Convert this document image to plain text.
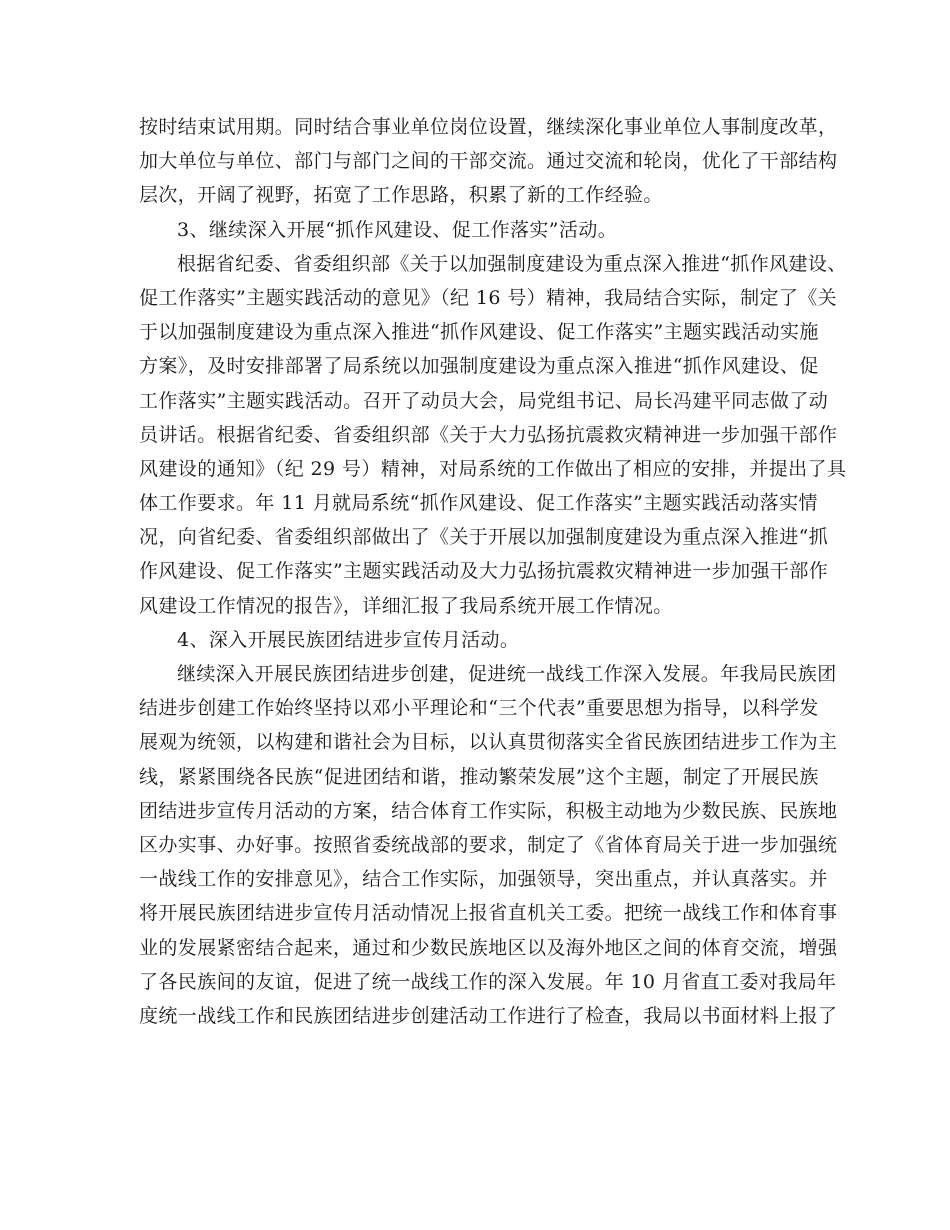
按时结束试用期。同时结合事业单位岗位设置，继续深化事业单位人事制度改革，
加大单位与单位、部门与部门之间的干部交流。通过交流和轮岗，优化了干部结构
层次，开阔了视野，拓宽了工作思路，积累了新的工作经验。
3、继续深入开展“抓作风建设、促工作落实”活动。
根据省纪委、省委组织部《关于以加强制度建设为重点深入推进“抓作风建设、
促工作落实”主题实践活动的意见》（纪 16 号）精神，我局结合实际，制定了《关
于以加强制度建设为重点深入推进“抓作风建设、促工作落实”主题实践活动实施
方案》，及时安排部署了局系统以加强制度建设为重点深入推进“抓作风建设、促
工作落实”主题实践活动。召开了动员大会，局党组书记、局长冯建平同志做了动
员讲话。根据省纪委、省委组织部《关于大力弘扬抗震救灾精神进一步加强干部作
风建设的通知》（纪 29 号）精神，对局系统的工作做出了相应的安排，并提出了具
体工作要求。年 11 月就局系统“抓作风建设、促工作落实”主题实践活动落实情
况，向省纪委、省委组织部做出了《关于开展以加强制度建设为重点深入推进“抓
作风建设、促工作落实”主题实践活动及大力弘扬抗震救灾精神进一步加强干部作
风建设工作情况的报告》，详细汇报了我局系统开展工作情况。
4、深入开展民族团结进步宣传月活动。
继续深入开展民族团结进步创建，促进统一战线工作深入发展。年我局民族团
结进步创建工作始终坚持以邓小平理论和“三个代表”重要思想为指导，以科学发
展观为统领，以构建和谐社会为目标，以认真贯彻落实全省民族团结进步工作为主
线，紧紧围绕各民族“促进团结和谐，推动繁荣发展”这个主题，制定了开展民族
团结进步宣传月活动的方案，结合体育工作实际，积极主动地为少数民族、民族地
区办实事、办好事。按照省委统战部的要求，制定了《省体育局关于进一步加强统
一战线工作的安排意见》，结合工作实际，加强领导，突出重点，并认真落实。并
将开展民族团结进步宣传月活动情况上报省直机关工委。把统一战线工作和体育事
业的发展紧密结合起来，通过和少数民族地区以及海外地区之间的体育交流，增强
了各民族间的友谊，促进了统一战线工作的深入发展。年 10 月省直工委对我局年
度统一战线工作和民族团结进步创建活动工作进行了检查，我局以书面材料上报了
